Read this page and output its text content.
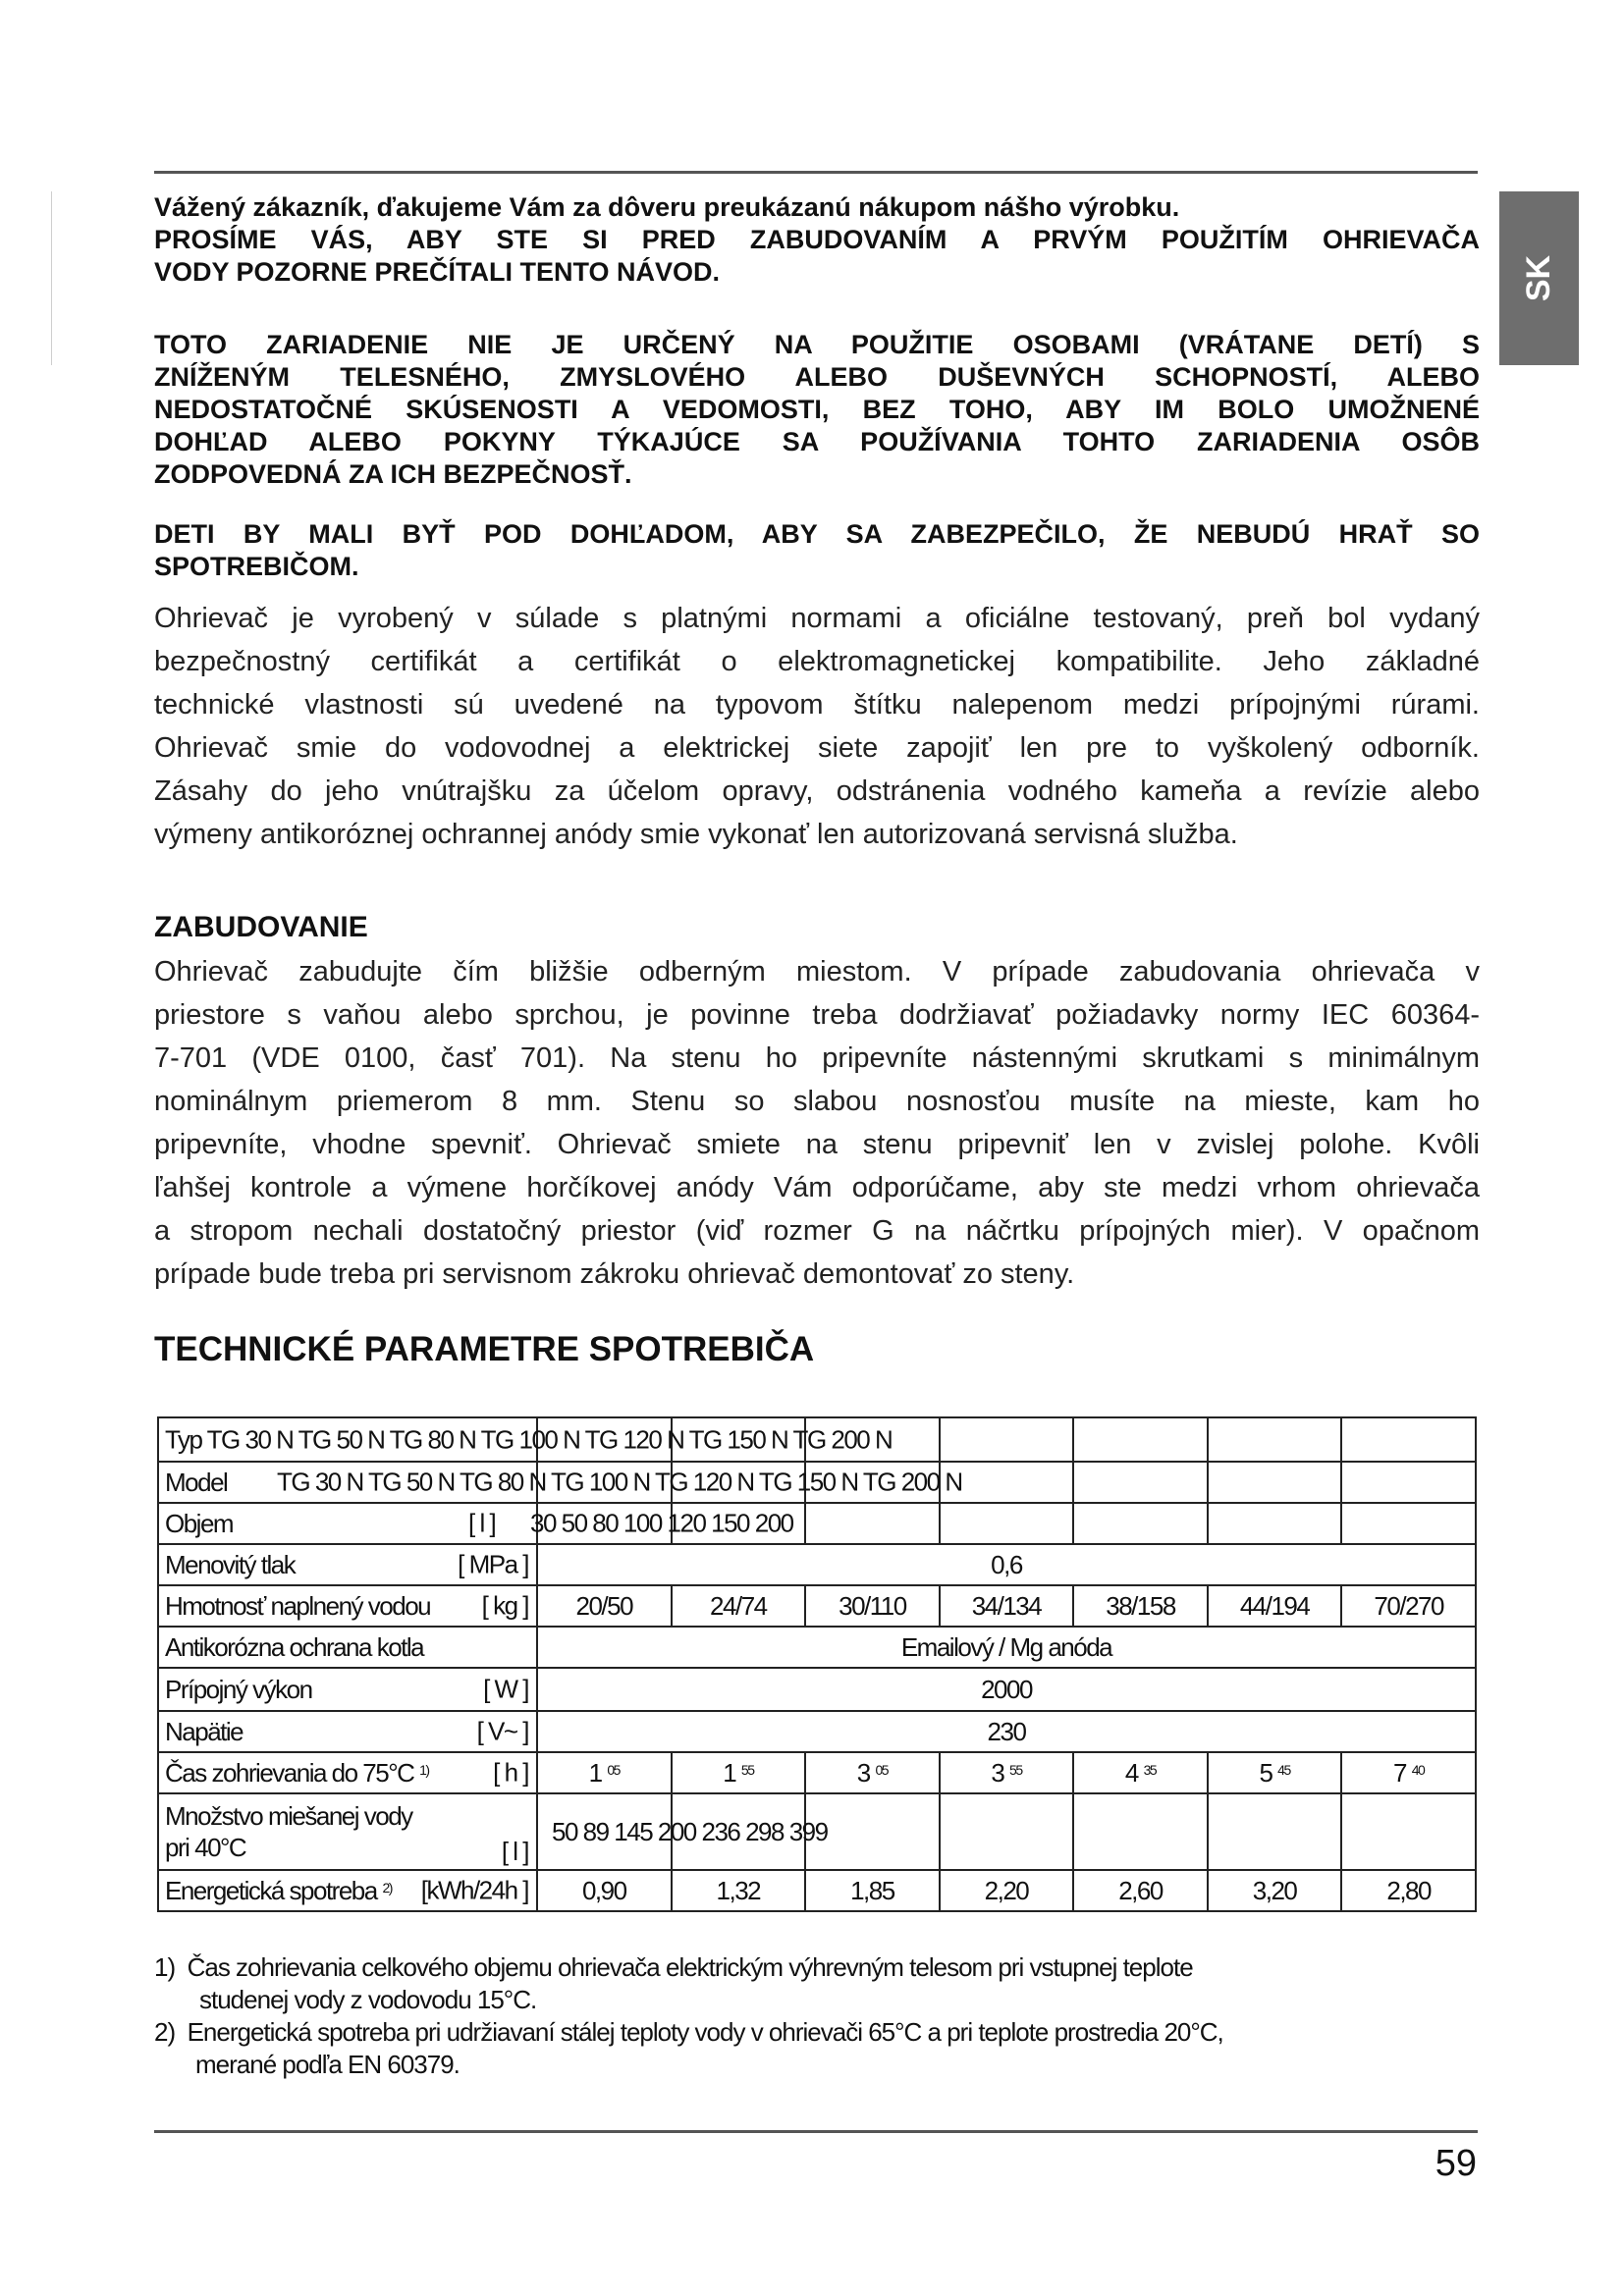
SK
Vážený zákazník, ďakujeme Vám za dôveru preukázanú nákupom nášho výrobku.
PROSÍME VÁS, ABY STE SI PRED ZABUDOVANÍM A PRVÝM POUŽITÍM OHRIEVAČA
VODY POZORNE PREČÍTALI TENTO NÁVOD.
TOTO ZARIADENIE NIE JE URČENÝ NA POUŽITIE OSOBAMI (VRÁTANE DETÍ) S
ZNÍŽENÝM TELESNÉHO, ZMYSLOVÉHO ALEBO DUŠEVNÝCH SCHOPNOSTÍ, ALEBO
NEDOSTATOČNÉ SKÚSENOSTI A VEDOMOSTI, BEZ TOHO, ABY IM BOLO UMOŽNENÉ
DOHĽAD ALEBO POKYNY TÝKAJÚCE SA POUŽÍVANIA TOHTO ZARIADENIA OSÔB
ZODPOVEDNÁ ZA ICH BEZPEČNOSŤ.
DETI BY MALI BYŤ POD DOHĽADOM, ABY SA ZABEZPEČILO, ŽE NEBUDÚ HRAŤ SO
SPOTREBIČOM.
Ohrievač je vyrobený v súlade s platnými normami a oficiálne testovaný, preň bol vydaný
bezpečnostný certifikát a certifikát o elektromagnetickej kompatibilite. Jeho základné
technické vlastnosti sú uvedené na typovom štítku nalepenom medzi prípojnými rúrami.
Ohrievač smie do vodovodnej a elektrickej siete zapojiť len pre to vyškolený odborník.
Zásahy do jeho vnútrajšku za účelom opravy, odstránenia vodného kameňa a revízie alebo
výmeny antikoróznej ochrannej anódy smie vykonať len autorizovaná servisná služba.
ZABUDOVANIE
Ohrievač zabudujte čím bližšie odberným miestom. V prípade zabudovania ohrievača v
priestore s vaňou alebo sprchou, je povinne treba dodržiavať požiadavky normy IEC 60364-
7-701 (VDE 0100, časť 701). Na stenu ho pripevníte nástennými skrutkami s minimálnym
nominálnym priemerom 8 mm. Stenu so slabou nosnosťou musíte na mieste, kam ho
pripevníte, vhodne spevniť. Ohrievač smiete na stenu pripevniť len v zvislej polohe. Kvôli
ľahšej kontrole a výmene horčíkovej anódy Vám odporúčame, aby ste medzi vrhom ohrievača
a stropom nechali dostatočný priestor (viď rozmer G na náčrtku prípojných mier). V opačnom
prípade bude treba pri servisnom zákroku ohrievač demontovať zo steny.
TECHNICKÉ PARAMETRE SPOTREBIČA
Typ TG 30 N TG 50 N TG 80 N TG 100 N TG 120 N TG 150 N TG 200 N							

Model TG 30 N TG 50 N TG 80 N TG 100 N TG 120 N TG 150 N TG 200 N							

Objem [ l ] 30 50 80 100 120 150 200							

Menovitý tlak [ MPa ]	0,6						
Hmotnosť naplnený vodou [ kg ]	20/50	24/74	30/110	34/134	38/158	44/194	70/270
Antikorózna ochrana kotla	Emailový / Mg anóda						
Prípojný výkon [ W ]	2000						
Napätie [ V~ ]	230						
Čas zohrievania do 75°C $^{1)}$ [ h ]	1 $^{05}$	1 $^{55}$	3 $^{05}$	3 $^{55}$	4 $^{35}$	5 $^{45}$	7 $^{40}$
Množstvo miešanej vody
pri 40°C [ l ]
50 89 145 200 236 298 399							

Energetická spotreba $^{2)}$ [kWh/24h ]	0,90	1,32	1,85	2,20	2,60	3,20	2,80
1) Čas zohrievania celkového objemu ohrievača elektrickým výhrevným telesom pri vstupnej teplote
studenej vody z vodovodu 15°C.
2) Energetická spotreba pri udržiavaní stálej teploty vody v ohrievači 65°C a pri teplote prostredia 20°C,
merané podľa EN 60379.
59
